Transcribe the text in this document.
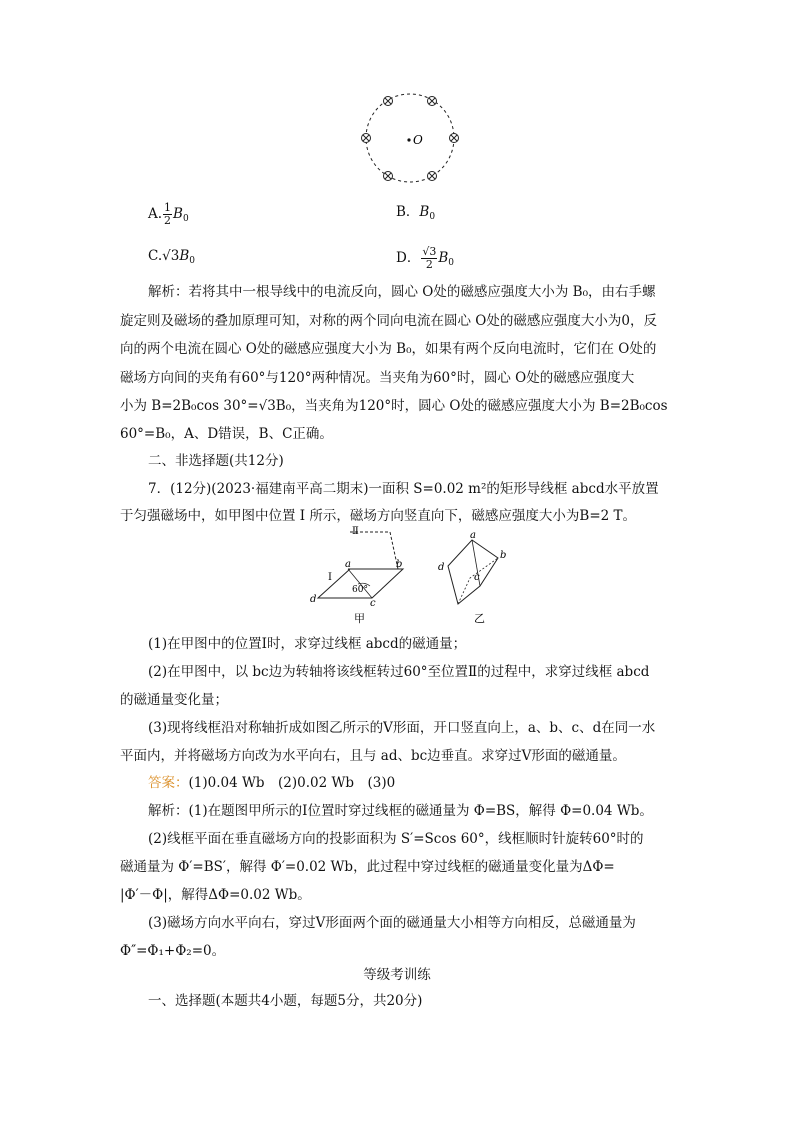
O
A. $\frac{1}{2} B_0$	B．$B_0$
$C.√3B_0$	D． $\frac{√3}{2} B_0$
解析：若将其中一根导线中的电流反向，圆心 O处的磁感应强度大小为 B₀，由右手螺
旋定则及磁场的叠加原理可知，对称的两个同向电流在圆心 O处的磁感应强度大小为0，反
向的两个电流在圆心 O处的磁感应强度大小为 B₀，如果有两个反向电流时，它们在 O处的
磁场方向间的夹角有60°与120°两种情况。当夹角为60°时，圆心 O处的磁感应强度大
小为 B=2B₀cos 30°=√3B₀，当夹角为120°时，圆心 O处的磁感应强度大小为 B=2B₀cos
60°=B₀，A、D错误，B、C正确。
二、非选择题(共12分)
7．(12分)(2023·福建南平高二期末)一面积 S=0.02 m²的矩形导线框 abcd水平放置
于匀强磁场中，如甲图中位置 Ⅰ 所示，磁场方向竖直向下，磁感应强度大小为B=2 T。
Ⅱ
Ⅰ
60°
a	b
c
d
甲
a
b
c
d
乙
(1)在甲图中的位置Ⅰ时，求穿过线框 abcd的磁通量；
(2)在甲图中，以 bc边为转轴将该线框转过60°至位置Ⅱ的过程中，求穿过线框 abcd
的磁通量变化量；
(3)现将线框沿对称轴折成如图乙所示的Ⅴ形面，开口竖直向上，a、b、c、d在同一水
平面内，并将磁场方向改为水平向右，且与 ad、bc边垂直。求穿过Ⅴ形面的磁通量。
答案：(1)0.04 Wb　(2)0.02 Wb　(3)0
解析：(1)在题图甲所示的Ⅰ位置时穿过线框的磁通量为 Φ=BS，解得 Φ=0.04 Wb。
(2)线框平面在垂直磁场方向的投影面积为 S′=Scos 60°，线框顺时针旋转60°时的
磁通量为 Φ′=BS′，解得 Φ′=0.02 Wb，此过程中穿过线框的磁通量变化量为ΔΦ=
|Φ′－Φ|，解得ΔΦ=0.02 Wb。
(3)磁场方向水平向右，穿过Ⅴ形面两个面的磁通量大小相等方向相反，总磁通量为
Φ″=Φ₁+Φ₂=0。
等级考训练
一、选择题(本题共4小题，每题5分，共20分)
